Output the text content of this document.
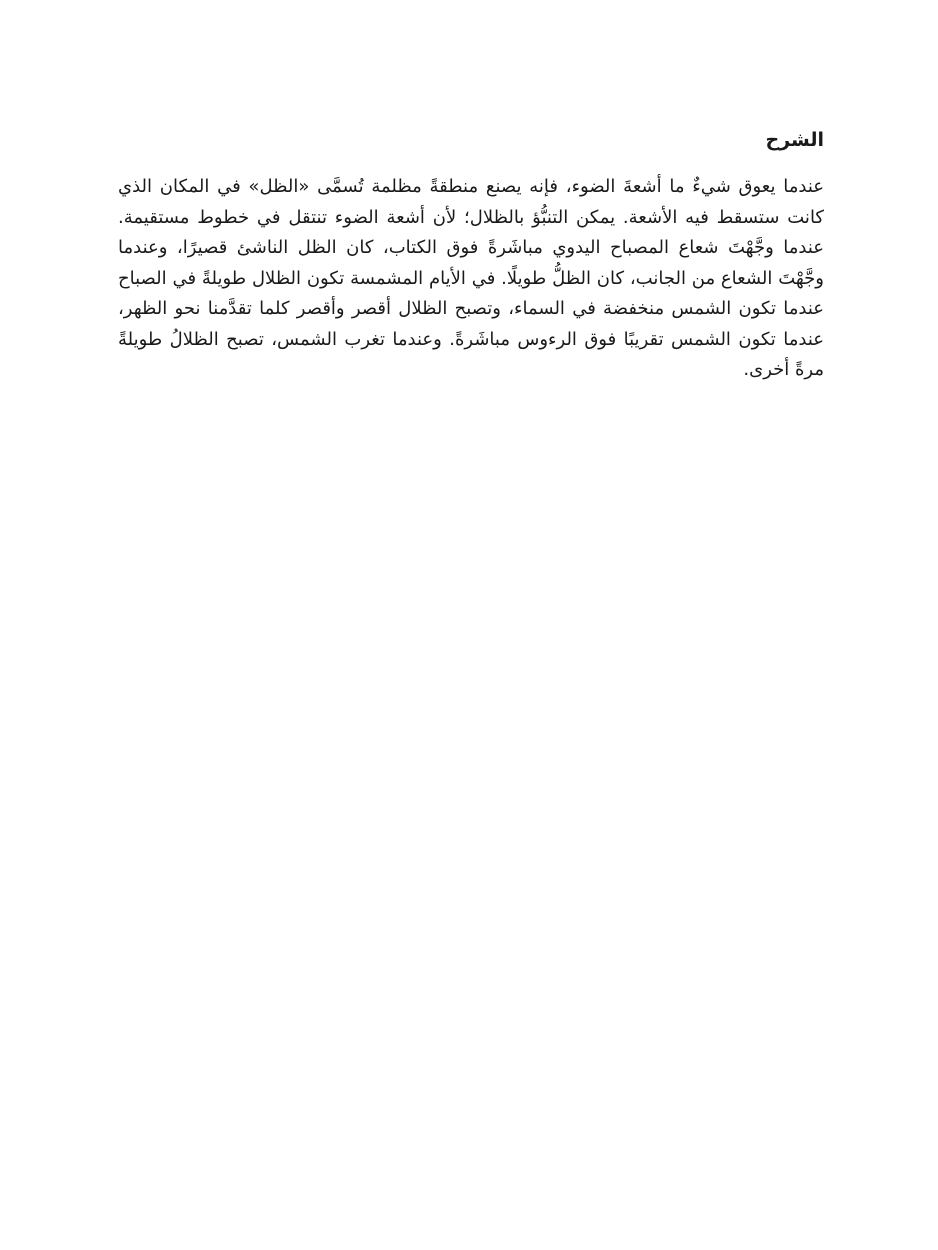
الشرح

عندما يعوق شيءٌ ما أشعةَ الضوء، فإنه يصنع منطقةً مظلمة تُسمَّى «الظل» في المكان الذي كانت ستسقط فيه الأشعة. يمكن التنبُّؤ بالظلال؛ لأن أشعة الضوء تنتقل في خطوط مستقيمة. عندما وجَّهْتَ شعاع المصباح اليدوي مباشَرةً فوق الكتاب، كان الظل الناشئ قصيرًا، وعندما وجَّهْتَ الشعاع من الجانب، كان الظلُّ طويلًا. في الأيام المشمسة تكون الظلال طويلةً في الصباح عندما تكون الشمس منخفضة في السماء، وتصبح الظلال أقصر وأقصر كلما تقدَّمنا نحو الظهر، عندما تكون الشمس تقريبًا فوق الرءوس مباشَرةً. وعندما تغرب الشمس، تصبح الظلالُ طويلةً مرةً أخرى.
